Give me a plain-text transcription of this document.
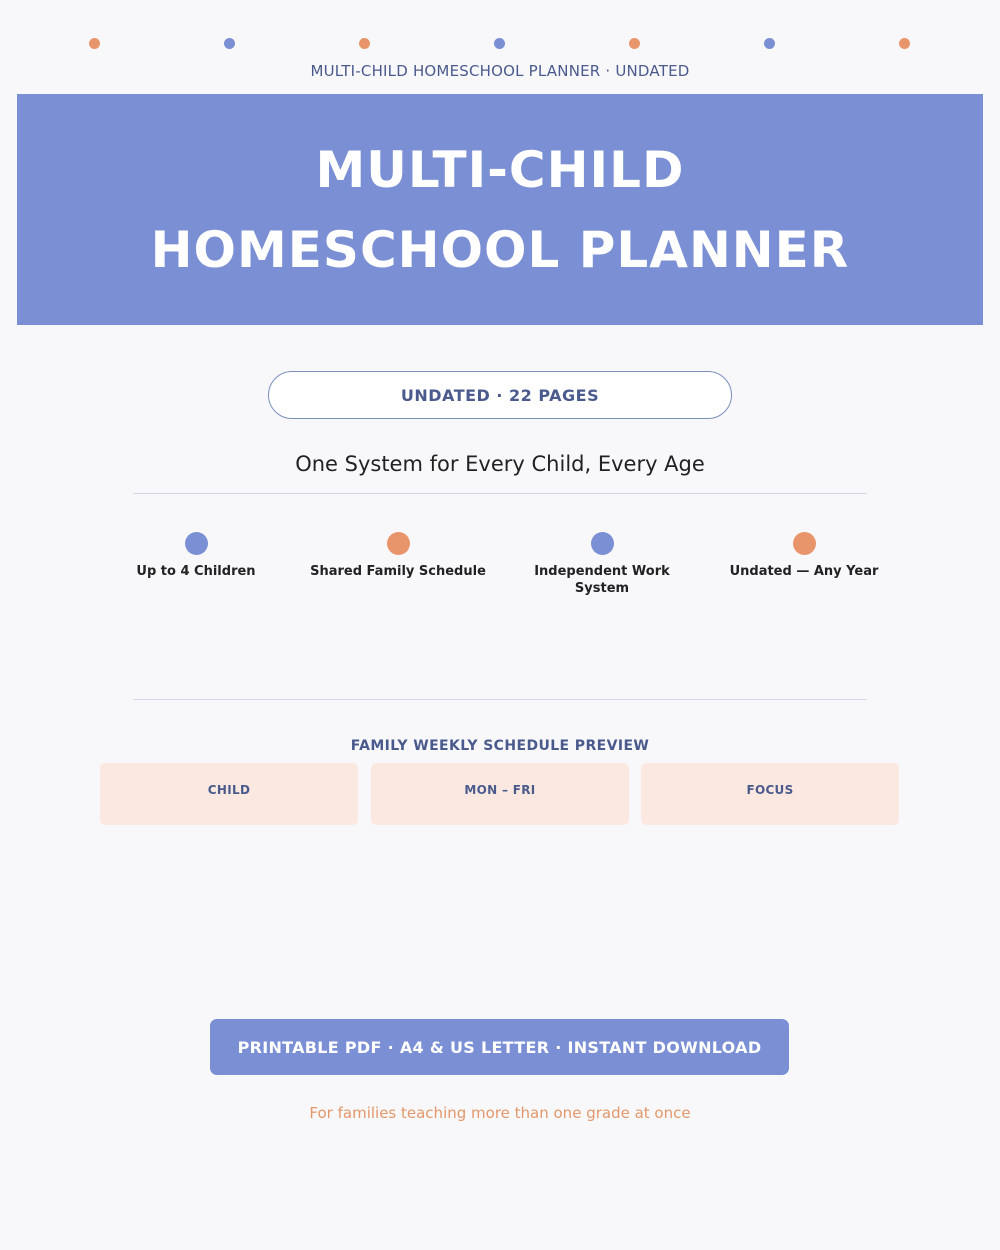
MULTI-CHILD HOMESCHOOL PLANNER · UNDATED
MULTI-CHILD
HOMESCHOOL PLANNER
UNDATED · 22 PAGES
One System for Every Child, Every Age
Up to 4 Children	Shared Family Schedule	Independent Work System
Undated — Any Year
FAMILY WEEKLY SCHEDULE PREVIEW
CHILD	MON – FRI	FOCUS
PRINTABLE PDF · A4 & US LETTER · INSTANT DOWNLOAD
For families teaching more than one grade at once
